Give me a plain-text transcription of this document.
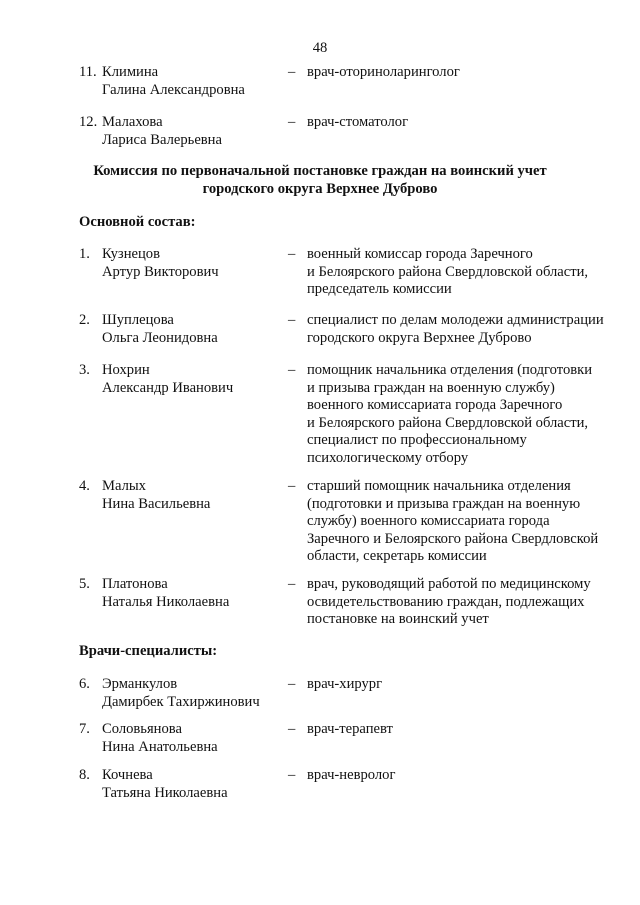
48
11. Климина
Галина Александровна
– врач-оториноларинголог
12. Малахова
Лариса Валерьевна
– врач-стоматолог
Комиссия по первоначальной постановке граждан на воинский учет
городского округа Верхнее Дуброво
Основной состав:
1. Кузнецов
Артур Викторович
– военный комиссар города Заречного
и Белоярского района Свердловской области,
председатель комиссии
2. Шуплецова
Ольга Леонидовна
– специалист по делам молодежи администрации
городского округа Верхнее Дуброво
3. Нохрин
Александр Иванович
– помощник начальника отделения (подготовки
и призыва граждан на военную службу)
военного комиссариата города Заречного
и Белоярского района Свердловской области,
специалист по профессиональному
психологическому отбору
4. Малых
Нина Васильевна
– старший помощник начальника отделения
(подготовки и призыва граждан на военную
службу) военного комиссариата города
Заречного и Белоярского района Свердловской
области, секретарь комиссии
5. Платонова
Наталья Николаевна
– врач, руководящий работой по медицинскому
освидетельствованию граждан, подлежащих
постановке на воинский учет
Врачи-специалисты:
6. Эрманкулов
Дамирбек Тахиржинович
– врач-хирург
7. Соловьянова
Нина Анатольевна
– врач-терапевт
8. Кочнева
Татьяна Николаевна
– врач-невролог
